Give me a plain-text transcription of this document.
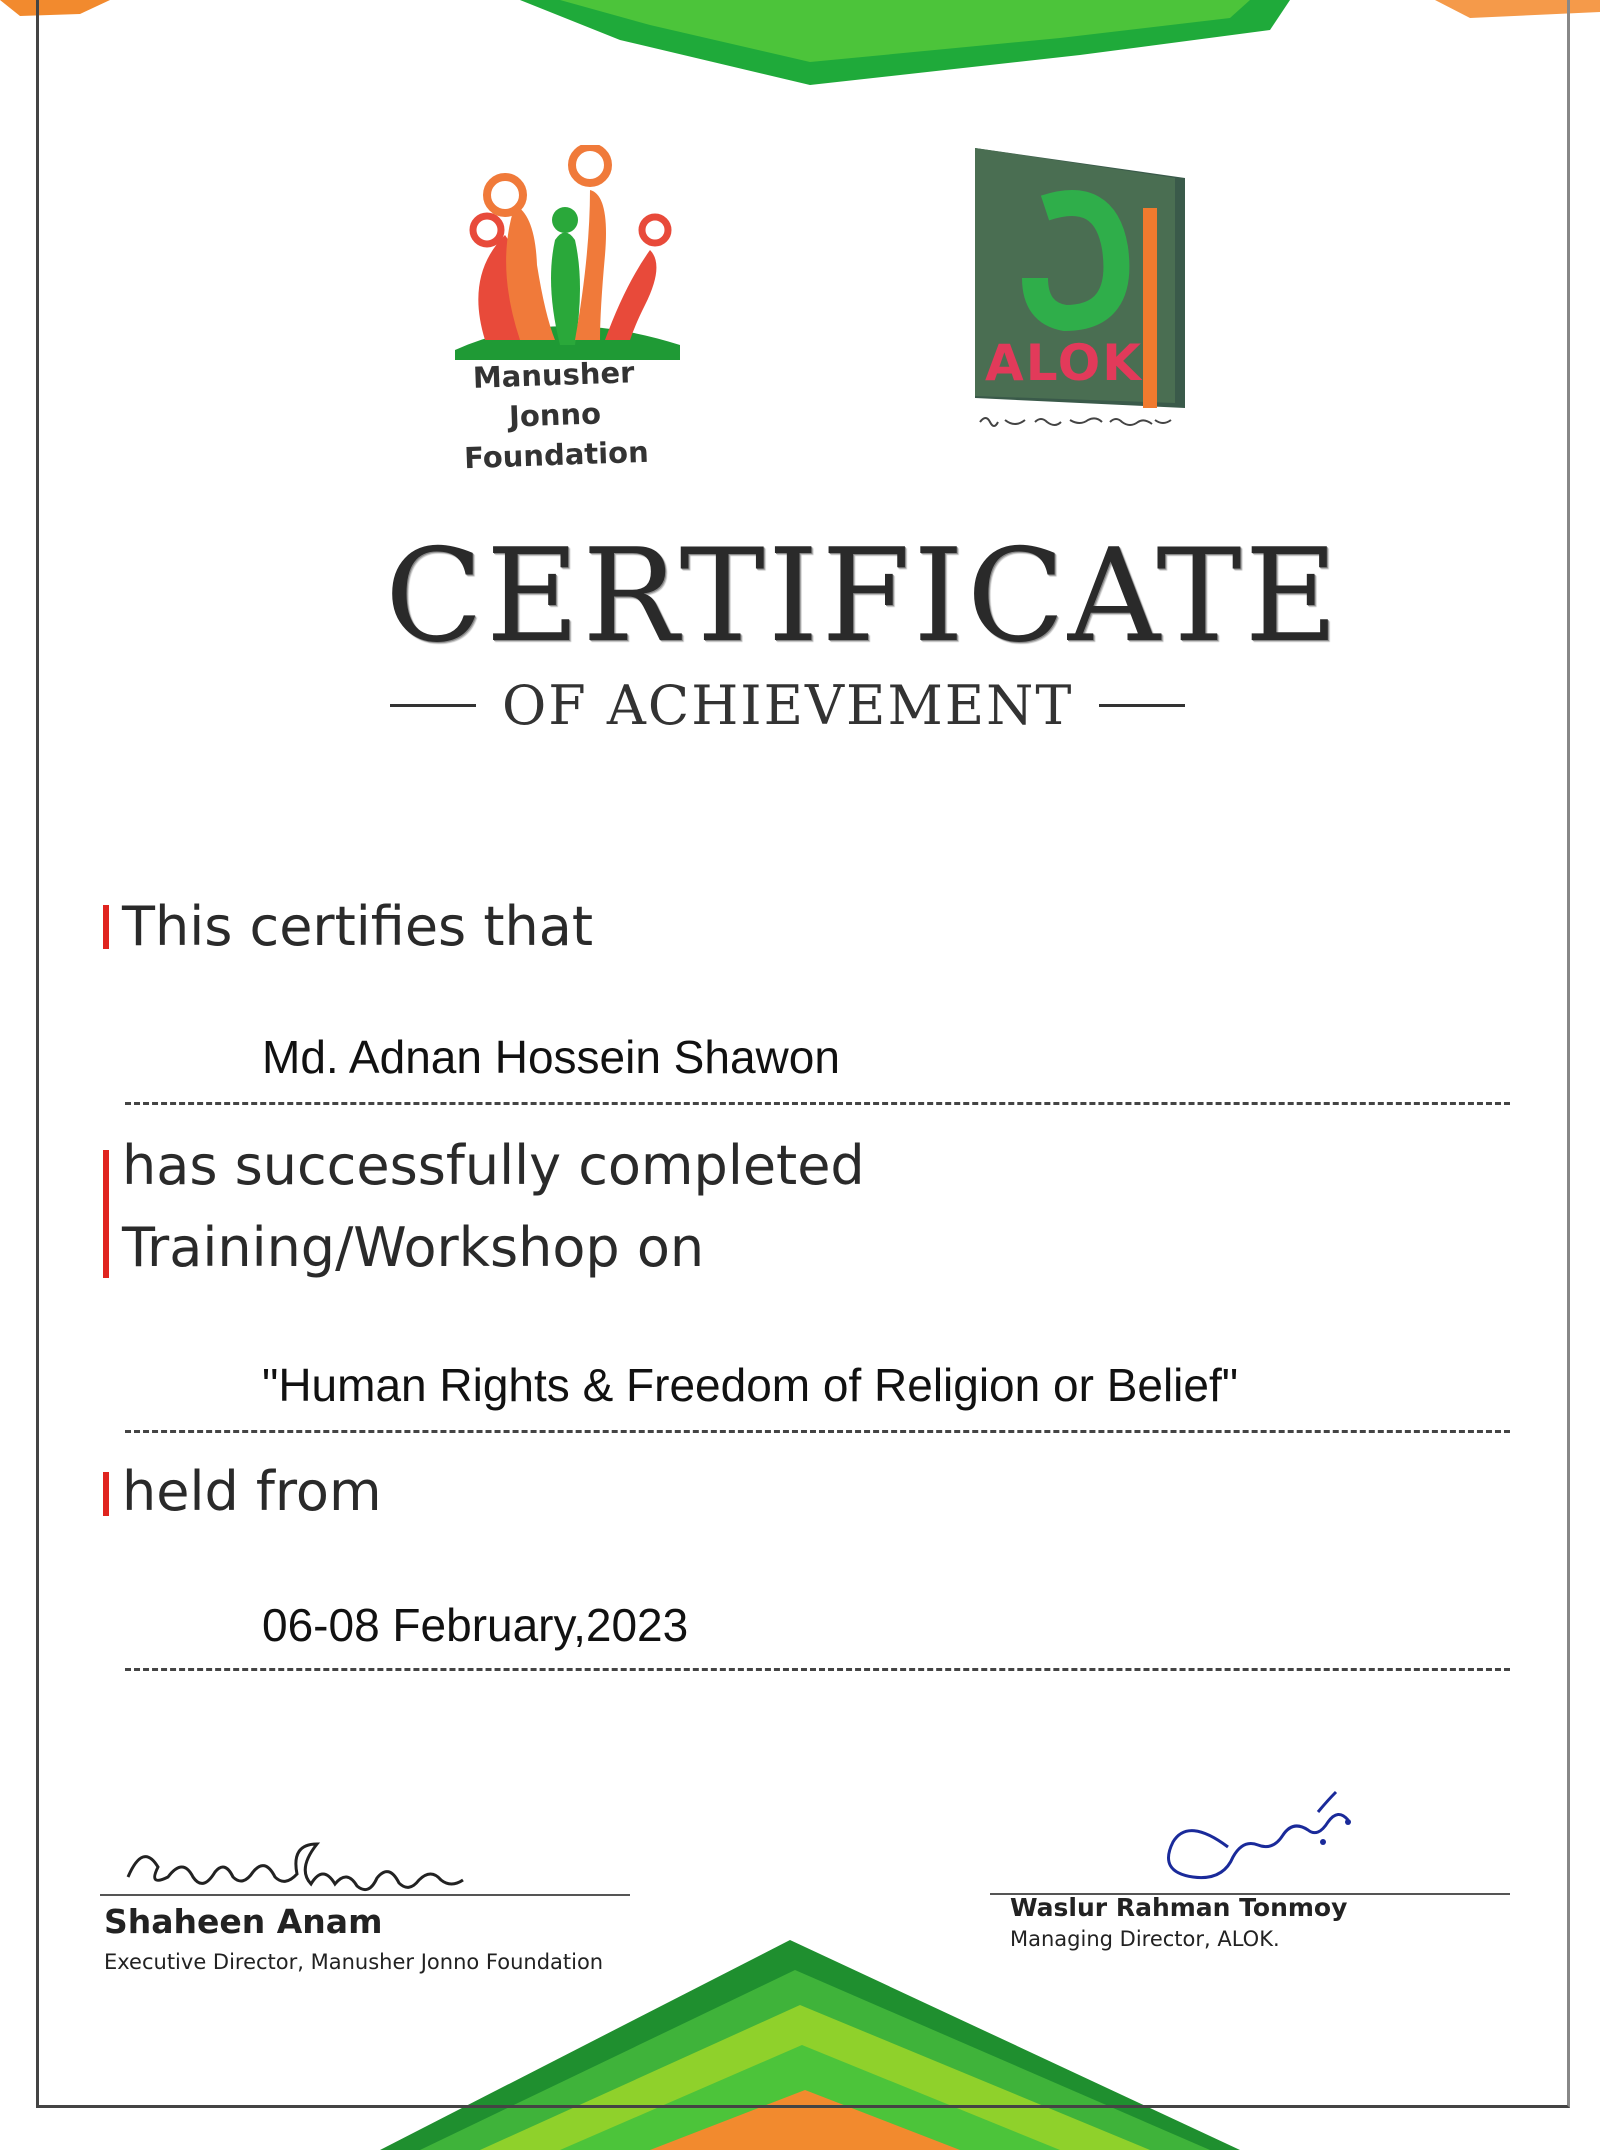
Manusher Jonno
Foundation
ALOK
CERTIFICATE
OF ACHIEVEMENT
This certifies that
Md. Adnan Hossein Shawon
has successfully completed
Training/Workshop on
"Human Rights & Freedom of Religion or Belief"
held from
06-08 February,2023
Shaheen Anam
Executive Director, Manusher Jonno Foundation
Waslur Rahman Tonmoy
Managing Director, ALOK.
